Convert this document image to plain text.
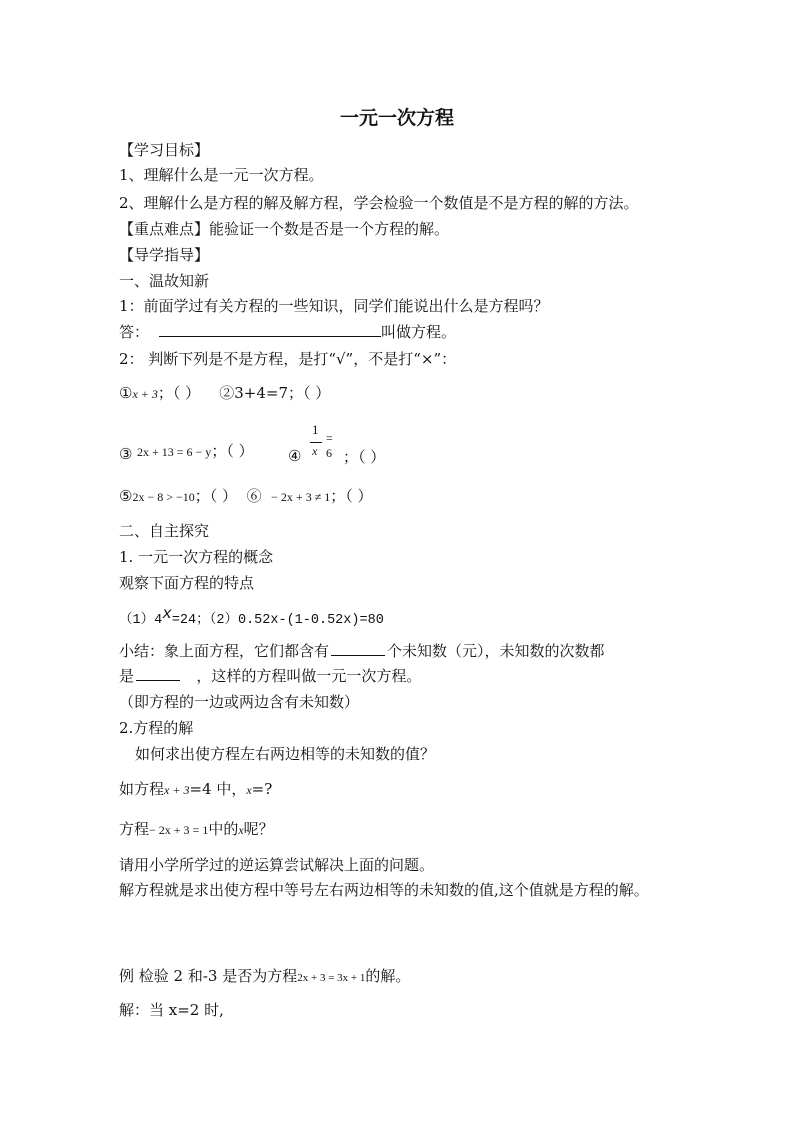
一元一次方程
【学习目标】
1、理解什么是一元一次方程。
2、理解什么是方程的解及解方程，学会检验一个数值是不是方程的解的方法。
【重点难点】能验证一个数是否是一个方程的解。
【导学指导】
一、温故知新
1：前面学过有关方程的一些知识，同学们能说出什么是方程吗？
答：	叫做方程。
2： 判断下列是不是方程，是打“√”，不是打“×”：
①x + 3；（ ） ②3+4=7；（ ）
③ 2x + 13 = 6 − y；（ ） ④
1
x
= 6 ；（ ）
⑤2x − 8 > −10；（ ） ⑥ − 2x + 3 ≠ 1；（ ）
二、自主探究
1. 一元一次方程的概念
观察下面方程的特点
（1）4x=24；（2）0.52x-(1-0.52x)=80
小结：象上面方程，它们都含有	个未知数（元），未知数的次数都
是	，这样的方程叫做一元一次方程。
（即方程的一边或两边含有未知数）
2.方程的解
如何求出使方程左右两边相等的未知数的值？
如方程x + 3=4 中，x=?
方程− 2x + 3 = 1中的x呢？
请用小学所学过的逆运算尝试解决上面的问题。
解方程就是求出使方程中等号左右两边相等的未知数的值,这个值就是方程的解。
例 检验 2 和-3 是否为方程2x + 3 = 3x + 1的解。
解：当 x=2 时,
